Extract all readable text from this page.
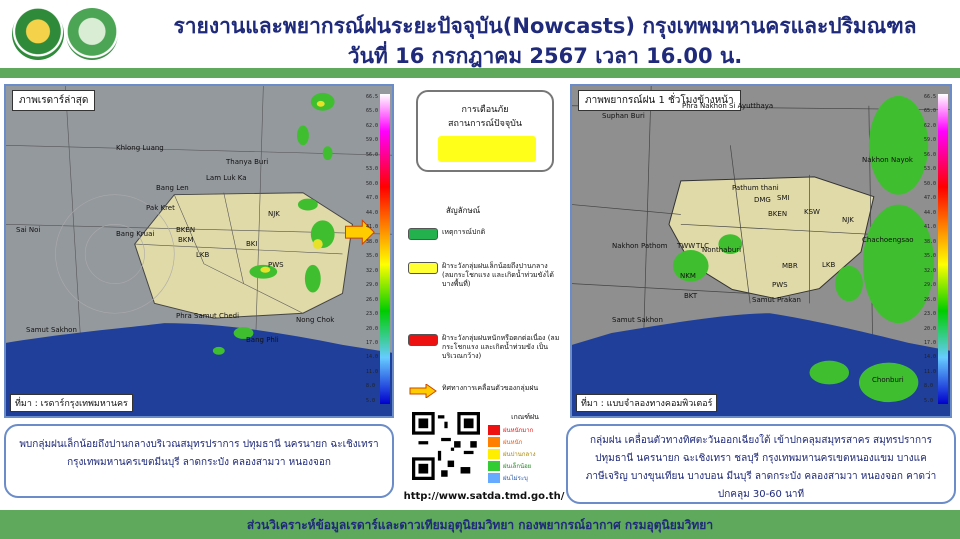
รายงานและพยากรณ์ฝนระยะปัจจุบัน(Nowcasts) กรุงเทพมหานครและปริมณฑล
วันที่ 16 กรกฎาคม 2567 เวลา 16.00 น.
ภาพเรดาร์ล่าสุด
ที่มา : เรดาร์กรุงเทพมหานคร
Khlong Luang
Thanya Buri
Lam Luk Ka
Bang Len
Sai Noi
Pak Kret
Nong Chok
Bang Phli
Samut Sakhon
Phra Samut Chedi
Bang Kruai	BKEN
BKM
LKB
NJK
BKI
PWS
66.5
65.0
62.0
59.0
56.0
53.0
50.0
47.0
44.0
41.0
38.0
35.0
32.0
29.0
26.0
23.0
20.0
17.0
14.0
11.0
8.0
5.0
การเตือนภัย
สถานการณ์ปัจจุบัน
สัญลักษณ์
เหตุการณ์ปกติ
ฝ้าระวังกลุ่มฝนเล็กน้อยถึงปานกลาง (ลมกระโชกแรง และเกิดน้ำท่วมขังได้บางพื้นที่)
ฝ้าระวังกลุ่มฝนหนักหรือตกต่อเนื่อง (ลมกระโชกแรง และเกิดน้ำท่วมขัง เป็นบริเวณกว้าง)
ทิศทางการเคลื่อนตัวของกลุ่มฝน
ภาพพยากรณ์ฝน 1 ชั่วโมงข้างหน้า
ที่มา : แบบจำลองทางคอมพิวเตอร์
Suphan Buri
Phra Nakhon Si Ayutthaya
Nakhon Nayok
Pathum thani
Nonthaburi
Nakhon Pathom
Chachoengsao
Samut Prakan
Samut Sakhon
Chonburi
DMG SMI
BKEN KSW
NJK
TWW TLC
MBR	LKB
PWS
NKM
BKT
66.5
65.0
62.0
59.0
56.0
53.0
50.0
47.0
44.0
41.0
38.0
35.0
32.0
29.0
26.0
23.0
20.0
17.0
14.0
11.0
8.0
5.0
พบกลุ่มฝนเล็กน้อยถึงปานกลางบริเวณสมุทรปราการ ปทุมธานี นครนายก ฉะเชิงเทรา กรุงเทพมหานครเขตมีนบุรี ลาดกระบัง คลองสามวา หนองจอก
กลุ่มฝน เคลื่อนตัวทางทิศตะวันออกเฉียงใต้ เข้าปกคลุมสมุทรสาคร สมุทรปราการ ปทุมธานี นครนายก ฉะเชิงเทรา ชลบุรี กรุงเทพมหานครเขตหนองแขม บางแค ภาษีเจริญ บางขุนเทียน บางบอน มีนบุรี ลาดกระบัง คลองสามวา หนองจอก คาดว่าปกคลุม 30-60 นาที
เกณฑ์ฝน
ฝนหนักมาก
ฝนหนัก
ฝนปานกลาง
ฝนเล็กน้อย
ฝนไม่ระบุ
http://www.satda.tmd.go.th/
ส่วนวิเคราะห์ข้อมูลเรดาร์และดาวเทียมอุตุนิยมวิทยา กองพยากรณ์อากาศ กรมอุตุนิยมวิทยา
